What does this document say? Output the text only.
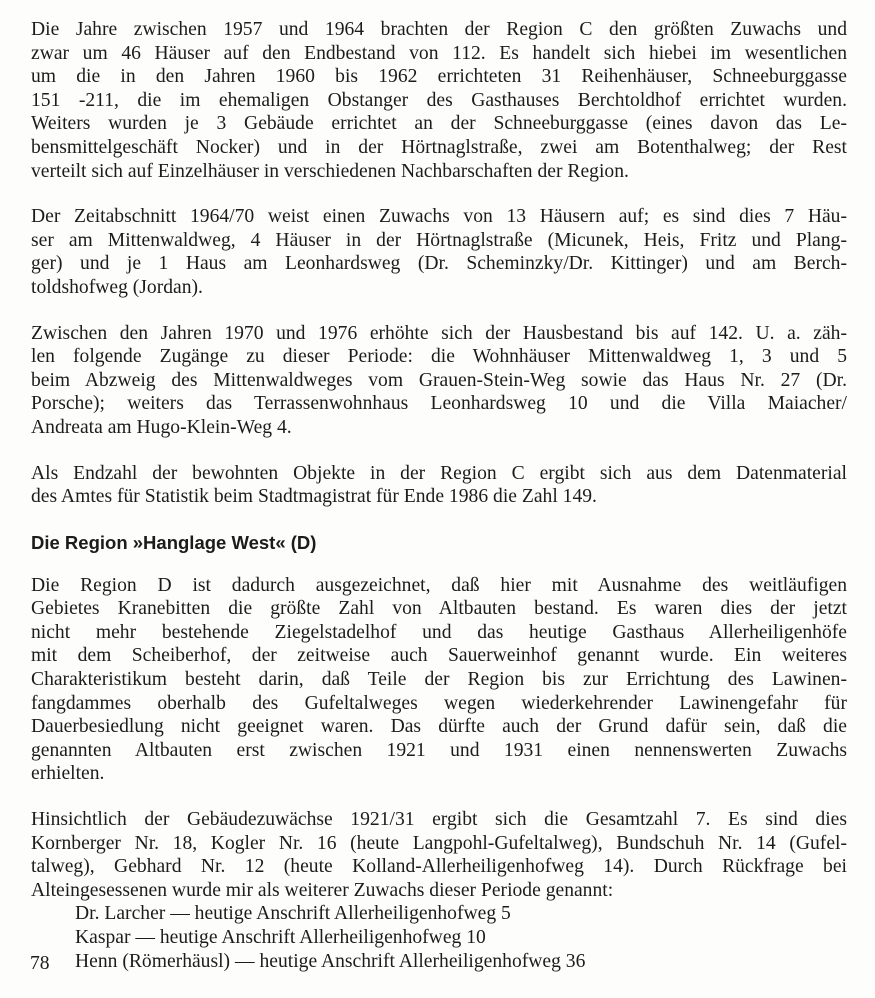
Die Jahre zwischen 1957 und 1964 brachten der Region C den größten Zuwachs und
zwar um 46 Häuser auf den Endbestand von 112. Es handelt sich hiebei im wesentlichen
um die in den Jahren 1960 bis 1962 errichteten 31 Reihenhäuser, Schneeburggasse
151 -211, die im ehemaligen Obstanger des Gasthauses Berchtoldhof errichtet wurden.
Weiters wurden je 3 Gebäude errichtet an der Schneeburggasse (eines davon das Le-
bensmittelgeschäft Nocker) und in der Hörtnaglstraße, zwei am Botenthalweg; der Rest
verteilt sich auf Einzelhäuser in verschiedenen Nachbarschaften der Region.
Der Zeitabschnitt 1964/70 weist einen Zuwachs von 13 Häusern auf; es sind dies 7 Häu-
ser am Mittenwaldweg, 4 Häuser in der Hörtnaglstraße (Micunek, Heis, Fritz und Plang-
ger) und je 1 Haus am Leonhardsweg (Dr. Scheminzky/Dr. Kittinger) und am Berch-
toldshofweg (Jordan).
Zwischen den Jahren 1970 und 1976 erhöhte sich der Hausbestand bis auf 142. U. a. zäh-
len folgende Zugänge zu dieser Periode: die Wohnhäuser Mittenwaldweg 1, 3 und 5
beim Abzweig des Mittenwaldweges vom Grauen-Stein-Weg sowie das Haus Nr. 27 (Dr.
Porsche); weiters das Terrassenwohnhaus Leonhardsweg 10 und die Villa Maiacher/
Andreata am Hugo-Klein-Weg 4.
Als Endzahl der bewohnten Objekte in der Region C ergibt sich aus dem Datenmaterial
des Amtes für Statistik beim Stadtmagistrat für Ende 1986 die Zahl 149.
Die Region »Hanglage West« (D)
Die Region D ist dadurch ausgezeichnet, daß hier mit Ausnahme des weitläufigen
Gebietes Kranebitten die größte Zahl von Altbauten bestand. Es waren dies der jetzt
nicht mehr bestehende Ziegelstadelhof und das heutige Gasthaus Allerheiligenhöfe
mit dem Scheiberhof, der zeitweise auch Sauerweinhof genannt wurde. Ein weiteres
Charakteristikum besteht darin, daß Teile der Region bis zur Errichtung des Lawinen-
fangdammes oberhalb des Gufeltalweges wegen wiederkehrender Lawinengefahr für
Dauerbesiedlung nicht geeignet waren. Das dürfte auch der Grund dafür sein, daß die
genannten Altbauten erst zwischen 1921 und 1931 einen nennenswerten Zuwachs
erhielten.
Hinsichtlich der Gebäudezuwächse 1921/31 ergibt sich die Gesamtzahl 7. Es sind dies
Kornberger Nr. 18, Kogler Nr. 16 (heute Langpohl-Gufeltalweg), Bundschuh Nr. 14 (Gufel-
talweg), Gebhard Nr. 12 (heute Kolland-Allerheiligenhofweg 14). Durch Rückfrage bei
Alteingesessenen wurde mir als weiterer Zuwachs dieser Periode genannt:
Dr. Larcher — heutige Anschrift Allerheiligenhofweg 5
Kaspar — heutige Anschrift Allerheiligenhofweg 10
Henn (Römerhäusl) — heutige Anschrift Allerheiligenhofweg 36
78
